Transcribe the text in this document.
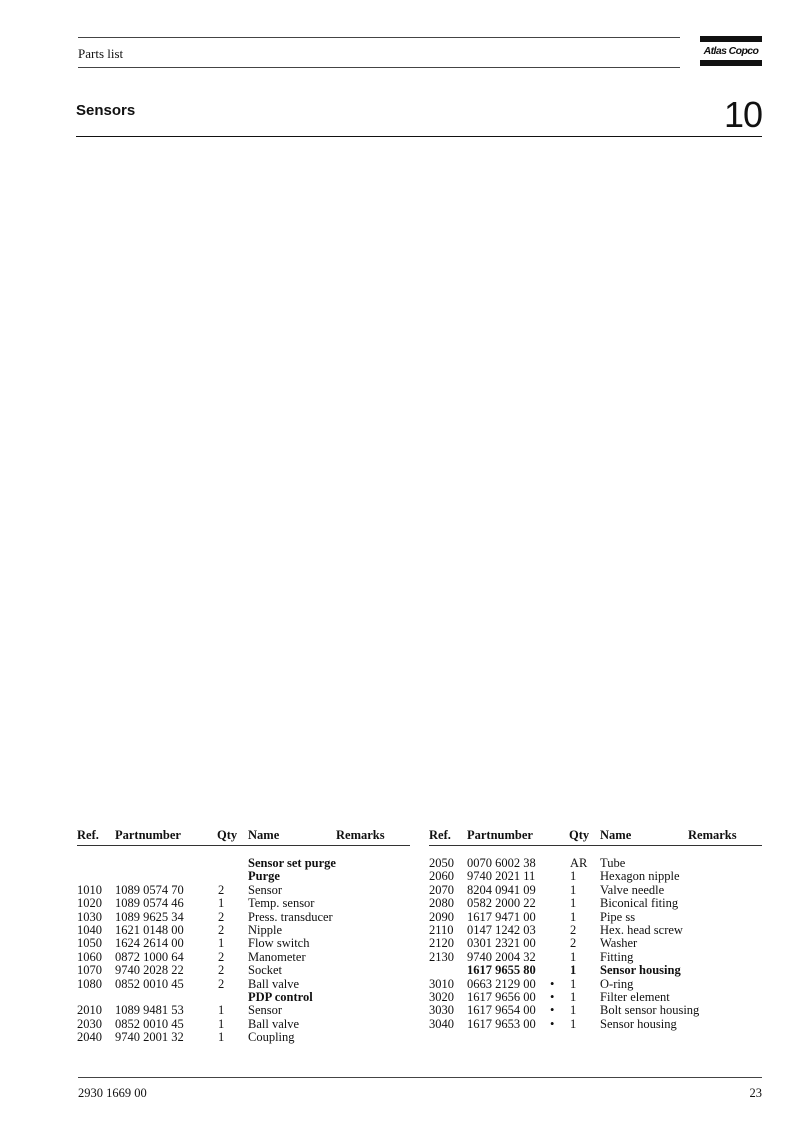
Parts list	Atlas Copco
Sensors	10
Ref. Partnumber	Qty Name	Remarks
Sensor set purge
Purge
1010 1089 0574 70	2 Sensor
1020 1089 0574 46	1 Temp. sensor
1030 1089 9625 34	2 Press. transducer
1040 1621 0148 00	2 Nipple
1050 1624 2614 00	1 Flow switch
1060 0872 1000 64	2 Manometer
1070 9740 2028 22	2 Socket
1080 0852 0010 45	2 Ball valve
PDP control
2010 1089 9481 53	1 Sensor
2030 0852 0010 45	1 Ball valve
2040 9740 2001 32	1 Coupling
Ref. Partnumber	Qty Name	Remarks
2050 0070 6002 38	AR Tube
2060 9740 2021 11	1 Hexagon nipple
2070 8204 0941 09	1 Valve needle
2080 0582 2000 22	1 Biconical fiting
2090 1617 9471 00	1 Pipe ss
2110 0147 1242 03	2 Hex. head screw
2120 0301 2321 00	2 Washer
2130 9740 2004 32	1 Fitting
1617 9655 80	1 Sensor housing
3010 0663 2129 00 • 1 O-ring
3020 1617 9656 00 • 1 Filter element
3030 1617 9654 00 • 1 Bolt sensor housing
3040 1617 9653 00 • 1 Sensor housing
2930 1669 00	23
